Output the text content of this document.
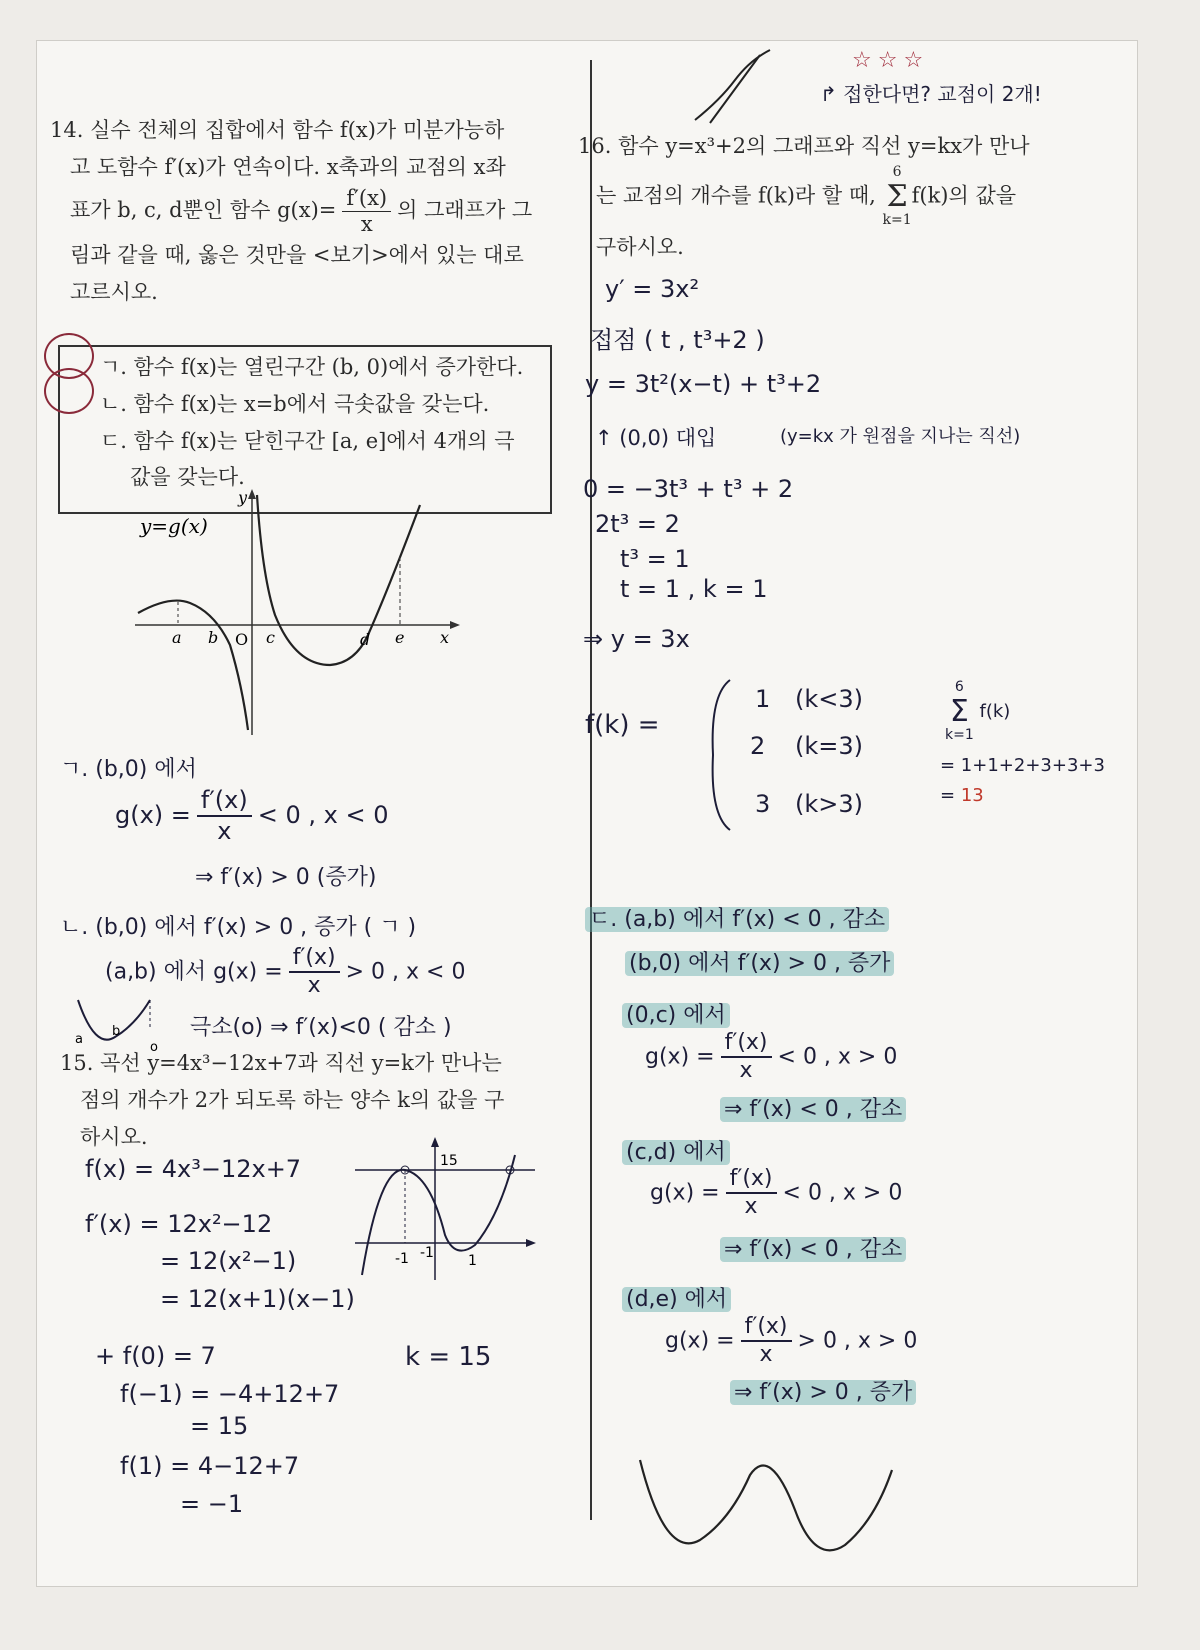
☆☆☆
↱ 접한다면? 교점이 2개!
14. 실수 전체의 집합에서 함수 f(x)가 미분가능하
고 도함수 f′(x)가 연속이다. x축과의 교점의 x좌
표가 b, c, d뿐인 함수 $g(x)= \frac{f'(x)}{x}$ 의 그래프가 그
림과 같을 때, 옳은 것만을 <보기>에서 있는 대로
고르시오.
ㄱ. 함수 f(x)는 열린구간 (b, 0)에서 증가한다.
ㄴ. 함수 f(x)는 x=b에서 극솟값을 갖는다.
ㄷ. 함수 f(x)는 닫힌구간 [a, e]에서 4개의 극
값을 갖는다.
y=g(x)
y
x
O
a b	c	d e
ㄱ. (b,0) 에서
$g(x) = \frac{f'(x)}{x} < 0$ , x < 0
⇒ f′(x) > 0 (증가)
ㄴ. (b,0) 에서 f′(x) > 0 , 증가 ( ㄱ )
(a,b) 에서 $g(x) = \frac{f'(x)}{x} > 0$ , x < 0
a
b
o
극소(o) ⇒ f′(x)<0 ( 감소 )
15. 곡선 y=4x³−12x+7과 직선 y=k가 만나는
점의 개수가 2가 되도록 하는 양수 k의 값을 구
하시오.
f(x) = 4x³−12x+7
f′(x) = 12x²−12
= 12(x²−1)
= 12(x+1)(x−1)
+ f(0) = 7
f(−1) = −4+12+7
= 15
f(1) = 4−12+7
= −1
k = 15
15
-1 -1 1
16. 함수 y=x³+2의 그래프와 직선 y=kx가 만나
는 교점의 개수를 f(k)라 할 때, 6
Σ
k=1f(k)의 값을
구하시오.
y′ = 3x²
접점 ( t , t³+2 )
y = 3t²(x−t) + t³+2
↑ (0,0) 대입	(y=kx 가 원점을 지나는 직선)
0 = −3t³ + t³ + 2
2t³ = 2
t³ = 1
t = 1 , k = 1
⇒ y = 3x
f(k) =
1 (k<3)
2 (k=3)
3 (k>3)
6
Σ
k=1 f(k)
= 1+1+2+3+3+3
= 13
ㄷ. (a,b) 에서 f′(x) < 0 , 감소
(b,0) 에서 f′(x) > 0 , 증가
(0,c) 에서
$g(x) = \frac{f'(x)}{x} < 0$ , x > 0
⇒ f′(x) < 0 , 감소
(c,d) 에서
$g(x) = \frac{f'(x)}{x} < 0$ , x > 0
⇒ f′(x) < 0 , 감소
(d,e) 에서
$g(x) = \frac{f'(x)}{x} > 0$ , x > 0
⇒ f′(x) > 0 , 증가
